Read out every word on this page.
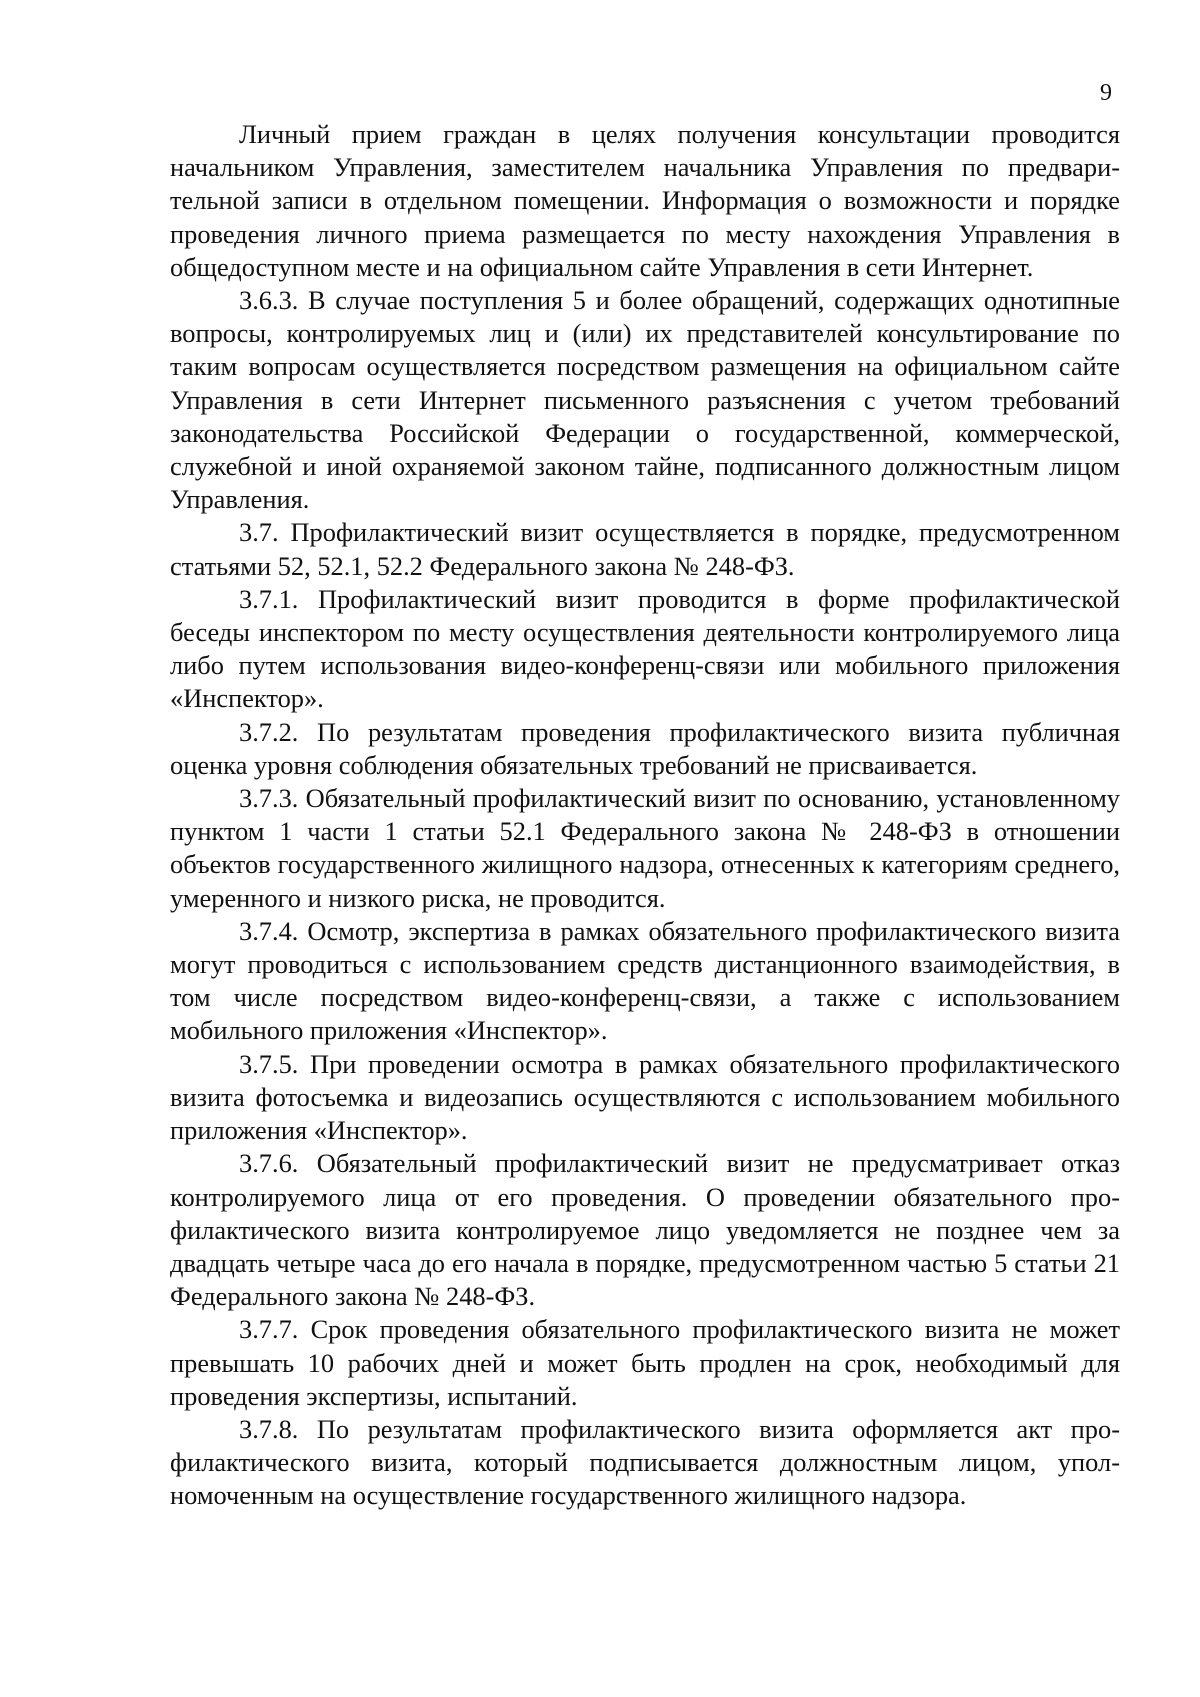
9

Личный прием граждан в целях получения консультации проводится начальником Управления, заместителем начальника Управления по предварительной записи в отдельном помещении. Информация о возможности и порядке проведения личного приема размещается по месту нахождения Управления в общедоступном месте и на официальном сайте Управления в сети Интернет.

3.6.3. В случае поступления 5 и более обращений, содержащих однотипные вопросы, контролируемых лиц и (или) их представителей консультирование по таким вопросам осуществляется посредством размещения на официальном сайте Управления в сети Интернет письменного разъяснения с учетом требований законодательства Российской Федерации о государственной, коммерческой, служебной и иной охраняемой законом тайне, подписанного должностным лицом Управления.

3.7. Профилактический визит осуществляется в порядке, предусмотренном статьями 52, 52.1, 52.2 Федерального закона № 248-ФЗ.

3.7.1. Профилактический визит проводится в форме профилактической беседы инспектором по месту осуществления деятельности контролируемого лица либо путем использования видео-конференц-связи или мобильного приложения «Инспектор».

3.7.2. По результатам проведения профилактического визита публичная оценка уровня соблюдения обязательных требований не присваивается.

3.7.3. Обязательный профилактический визит по основанию, установленному пунктом 1 части 1 статьи 52.1 Федерального закона № 248-ФЗ в отношении объектов государственного жилищного надзора, отнесенных к категориям среднего, умеренного и низкого риска, не проводится.

3.7.4. Осмотр, экспертиза в рамках обязательного профилактического визита могут проводиться с использованием средств дистанционного взаимодействия, в том числе посредством видео-конференц-связи, а также с использованием мобильного приложения «Инспектор».

3.7.5. При проведении осмотра в рамках обязательного профилактического визита фотосъемка и видеозапись осуществляются с использованием мобильного приложения «Инспектор».

3.7.6. Обязательный профилактический визит не предусматривает отказ контролируемого лица от его проведения. О проведении обязательного профилактического визита контролируемое лицо уведомляется не позднее чем за двадцать четыре часа до его начала в порядке, предусмотренном частью 5 статьи 21 Федерального закона № 248-ФЗ.

3.7.7. Срок проведения обязательного профилактического визита не может превышать 10 рабочих дней и может быть продлен на срок, необходимый для проведения экспертизы, испытаний.

3.7.8. По результатам профилактического визита оформляется акт профилактического визита, который подписывается должностным лицом, уполномоченным на осуществление государственного жилищного надзора.
